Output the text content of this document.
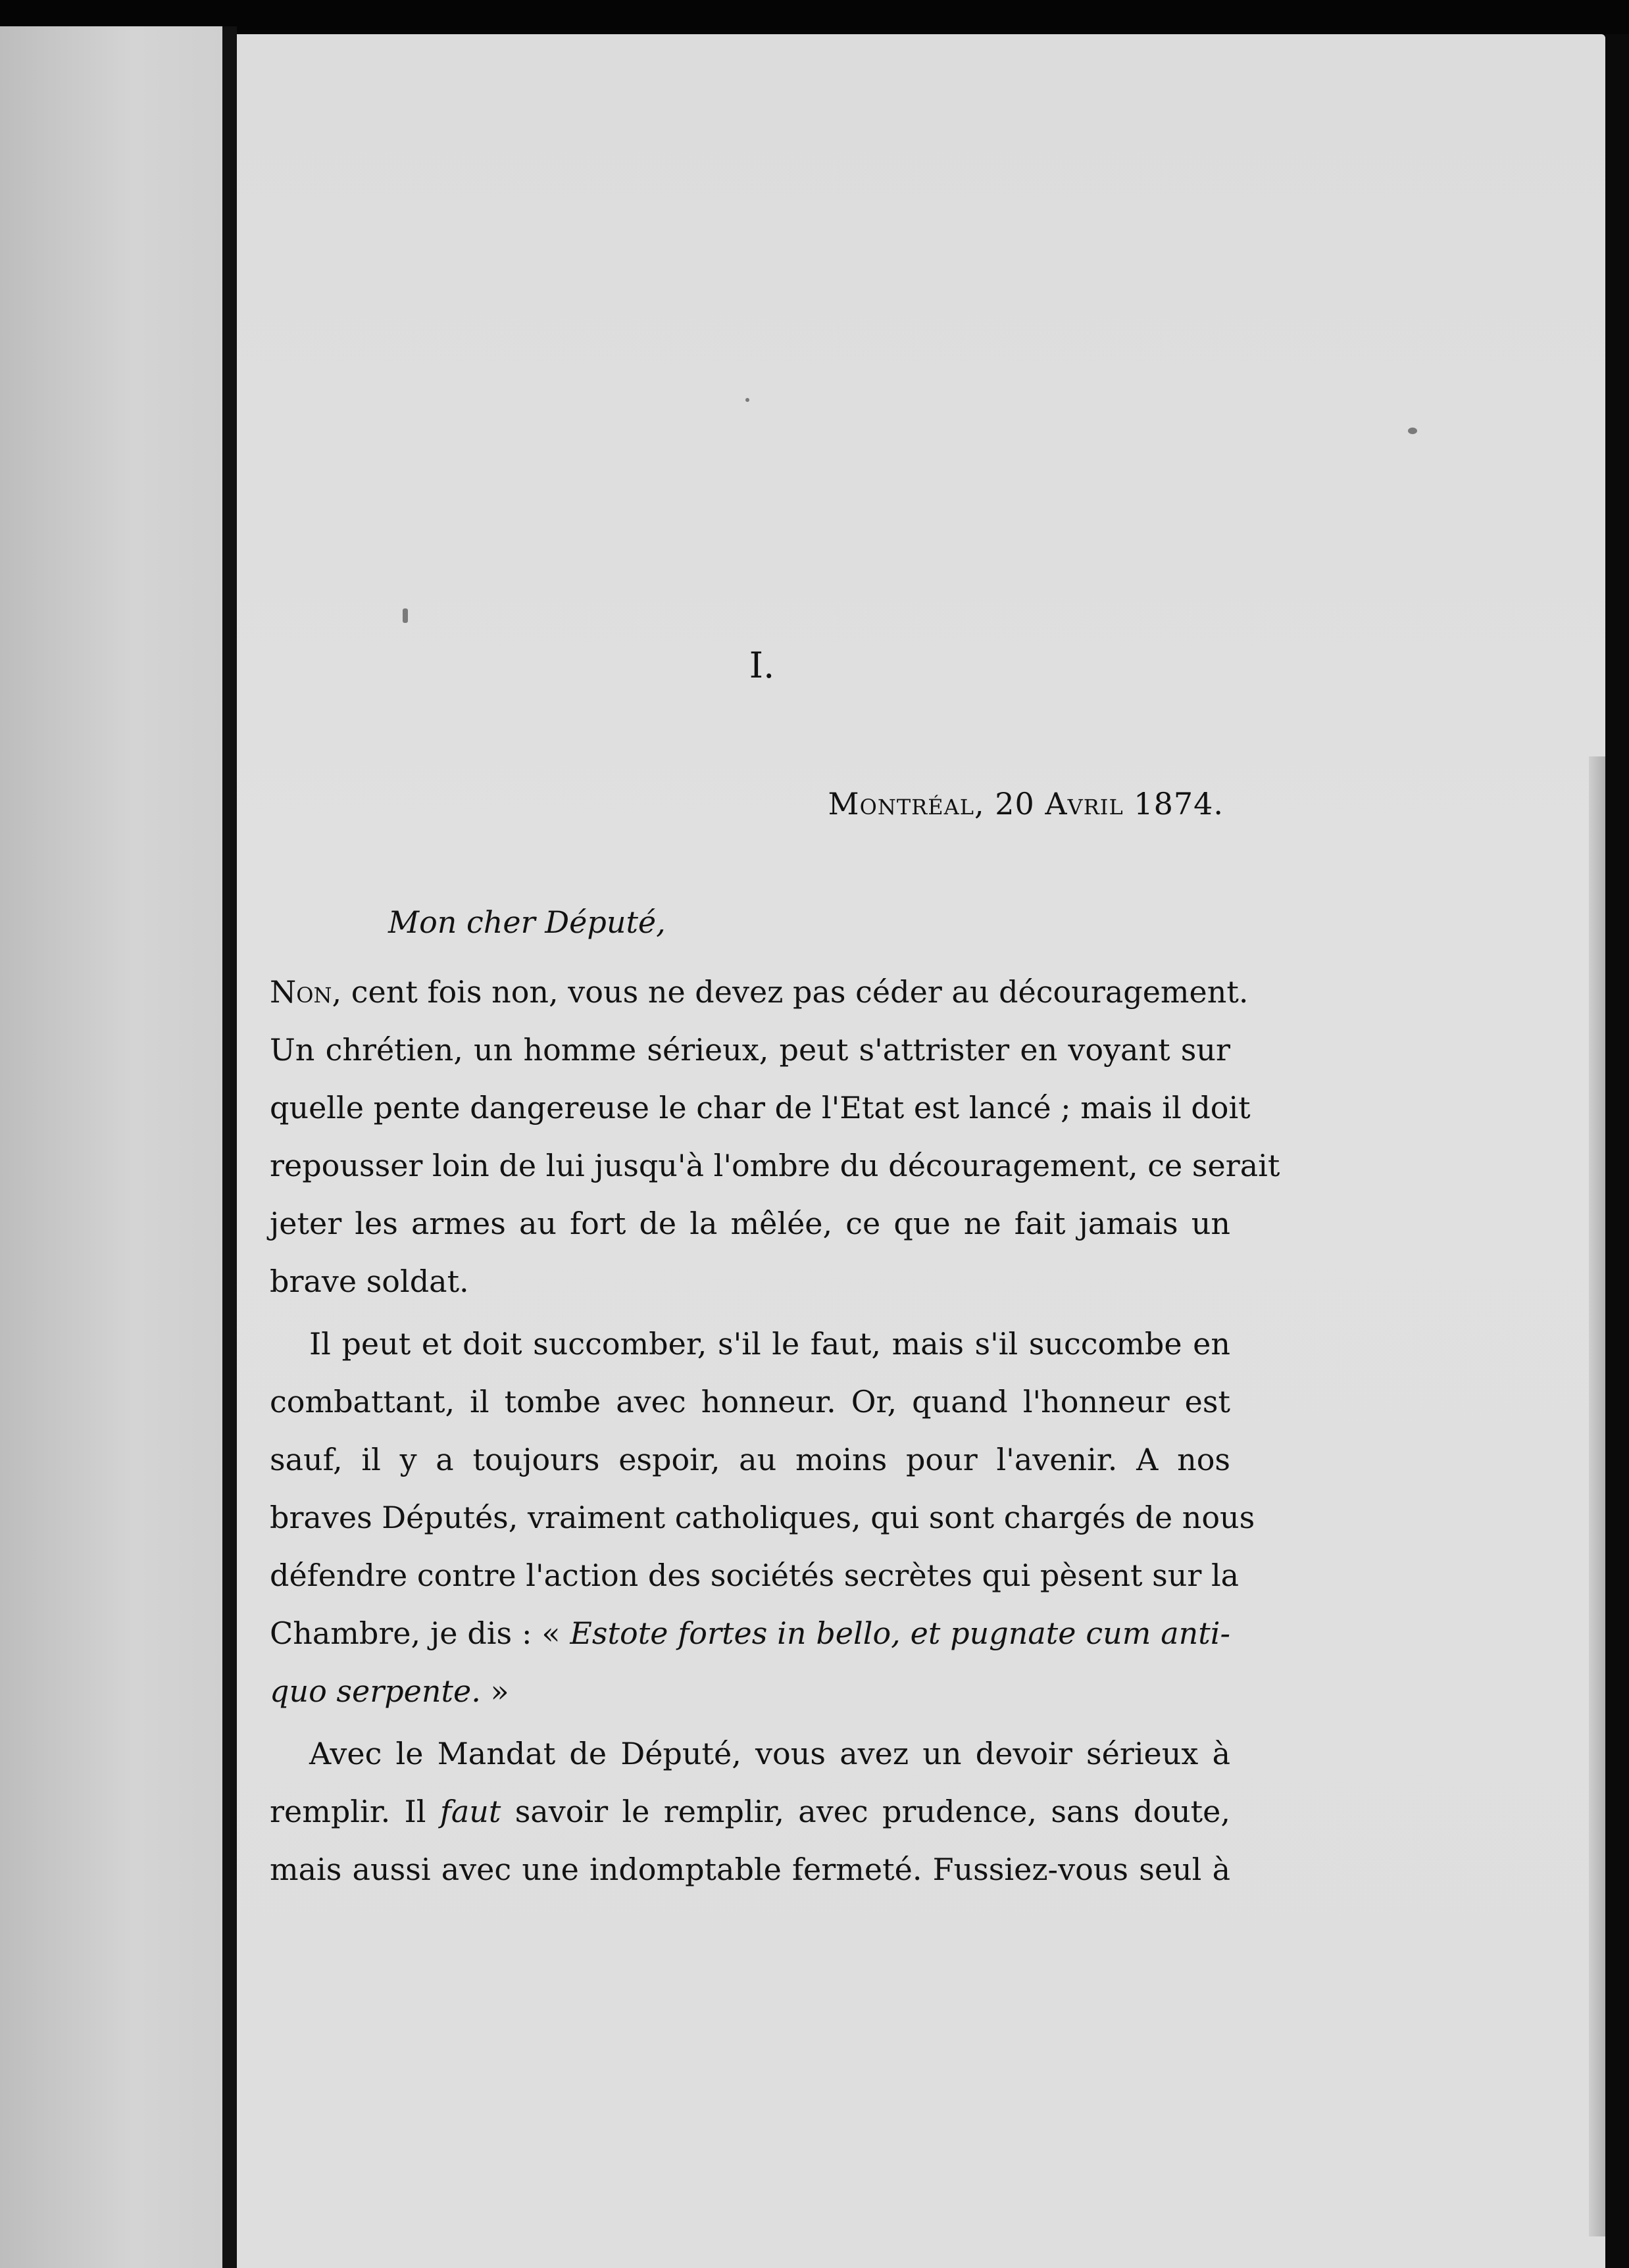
I.
Montréal, 20 Avril 1874.
Mon cher Député,
Non, cent fois non, vous ne devez pas céder au découragement.
Un chrétien, un homme sérieux, peut s'attrister en voyant sur
quelle pente dangereuse le char de l'Etat est lancé ; mais il doit
repousser loin de lui jusqu'à l'ombre du découragement, ce serait
jeter les armes au fort de la mêlée, ce que ne fait jamais un
brave soldat.
Il peut et doit succomber, s'il le faut, mais s'il succombe en
combattant, il tombe avec honneur. Or, quand l'honneur est
sauf, il y a toujours espoir, au moins pour l'avenir. A nos
braves Députés, vraiment catholiques, qui sont chargés de nous
défendre contre l'action des sociétés secrètes qui pèsent sur la
Chambre, je dis : « Estote fortes in bello, et pugnate cum anti-
quo serpente. »
Avec le Mandat de Député, vous avez un devoir sérieux à
remplir. Il faut savoir le remplir, avec prudence, sans doute,
mais aussi avec une indomptable fermeté. Fussiez-vous seul à
